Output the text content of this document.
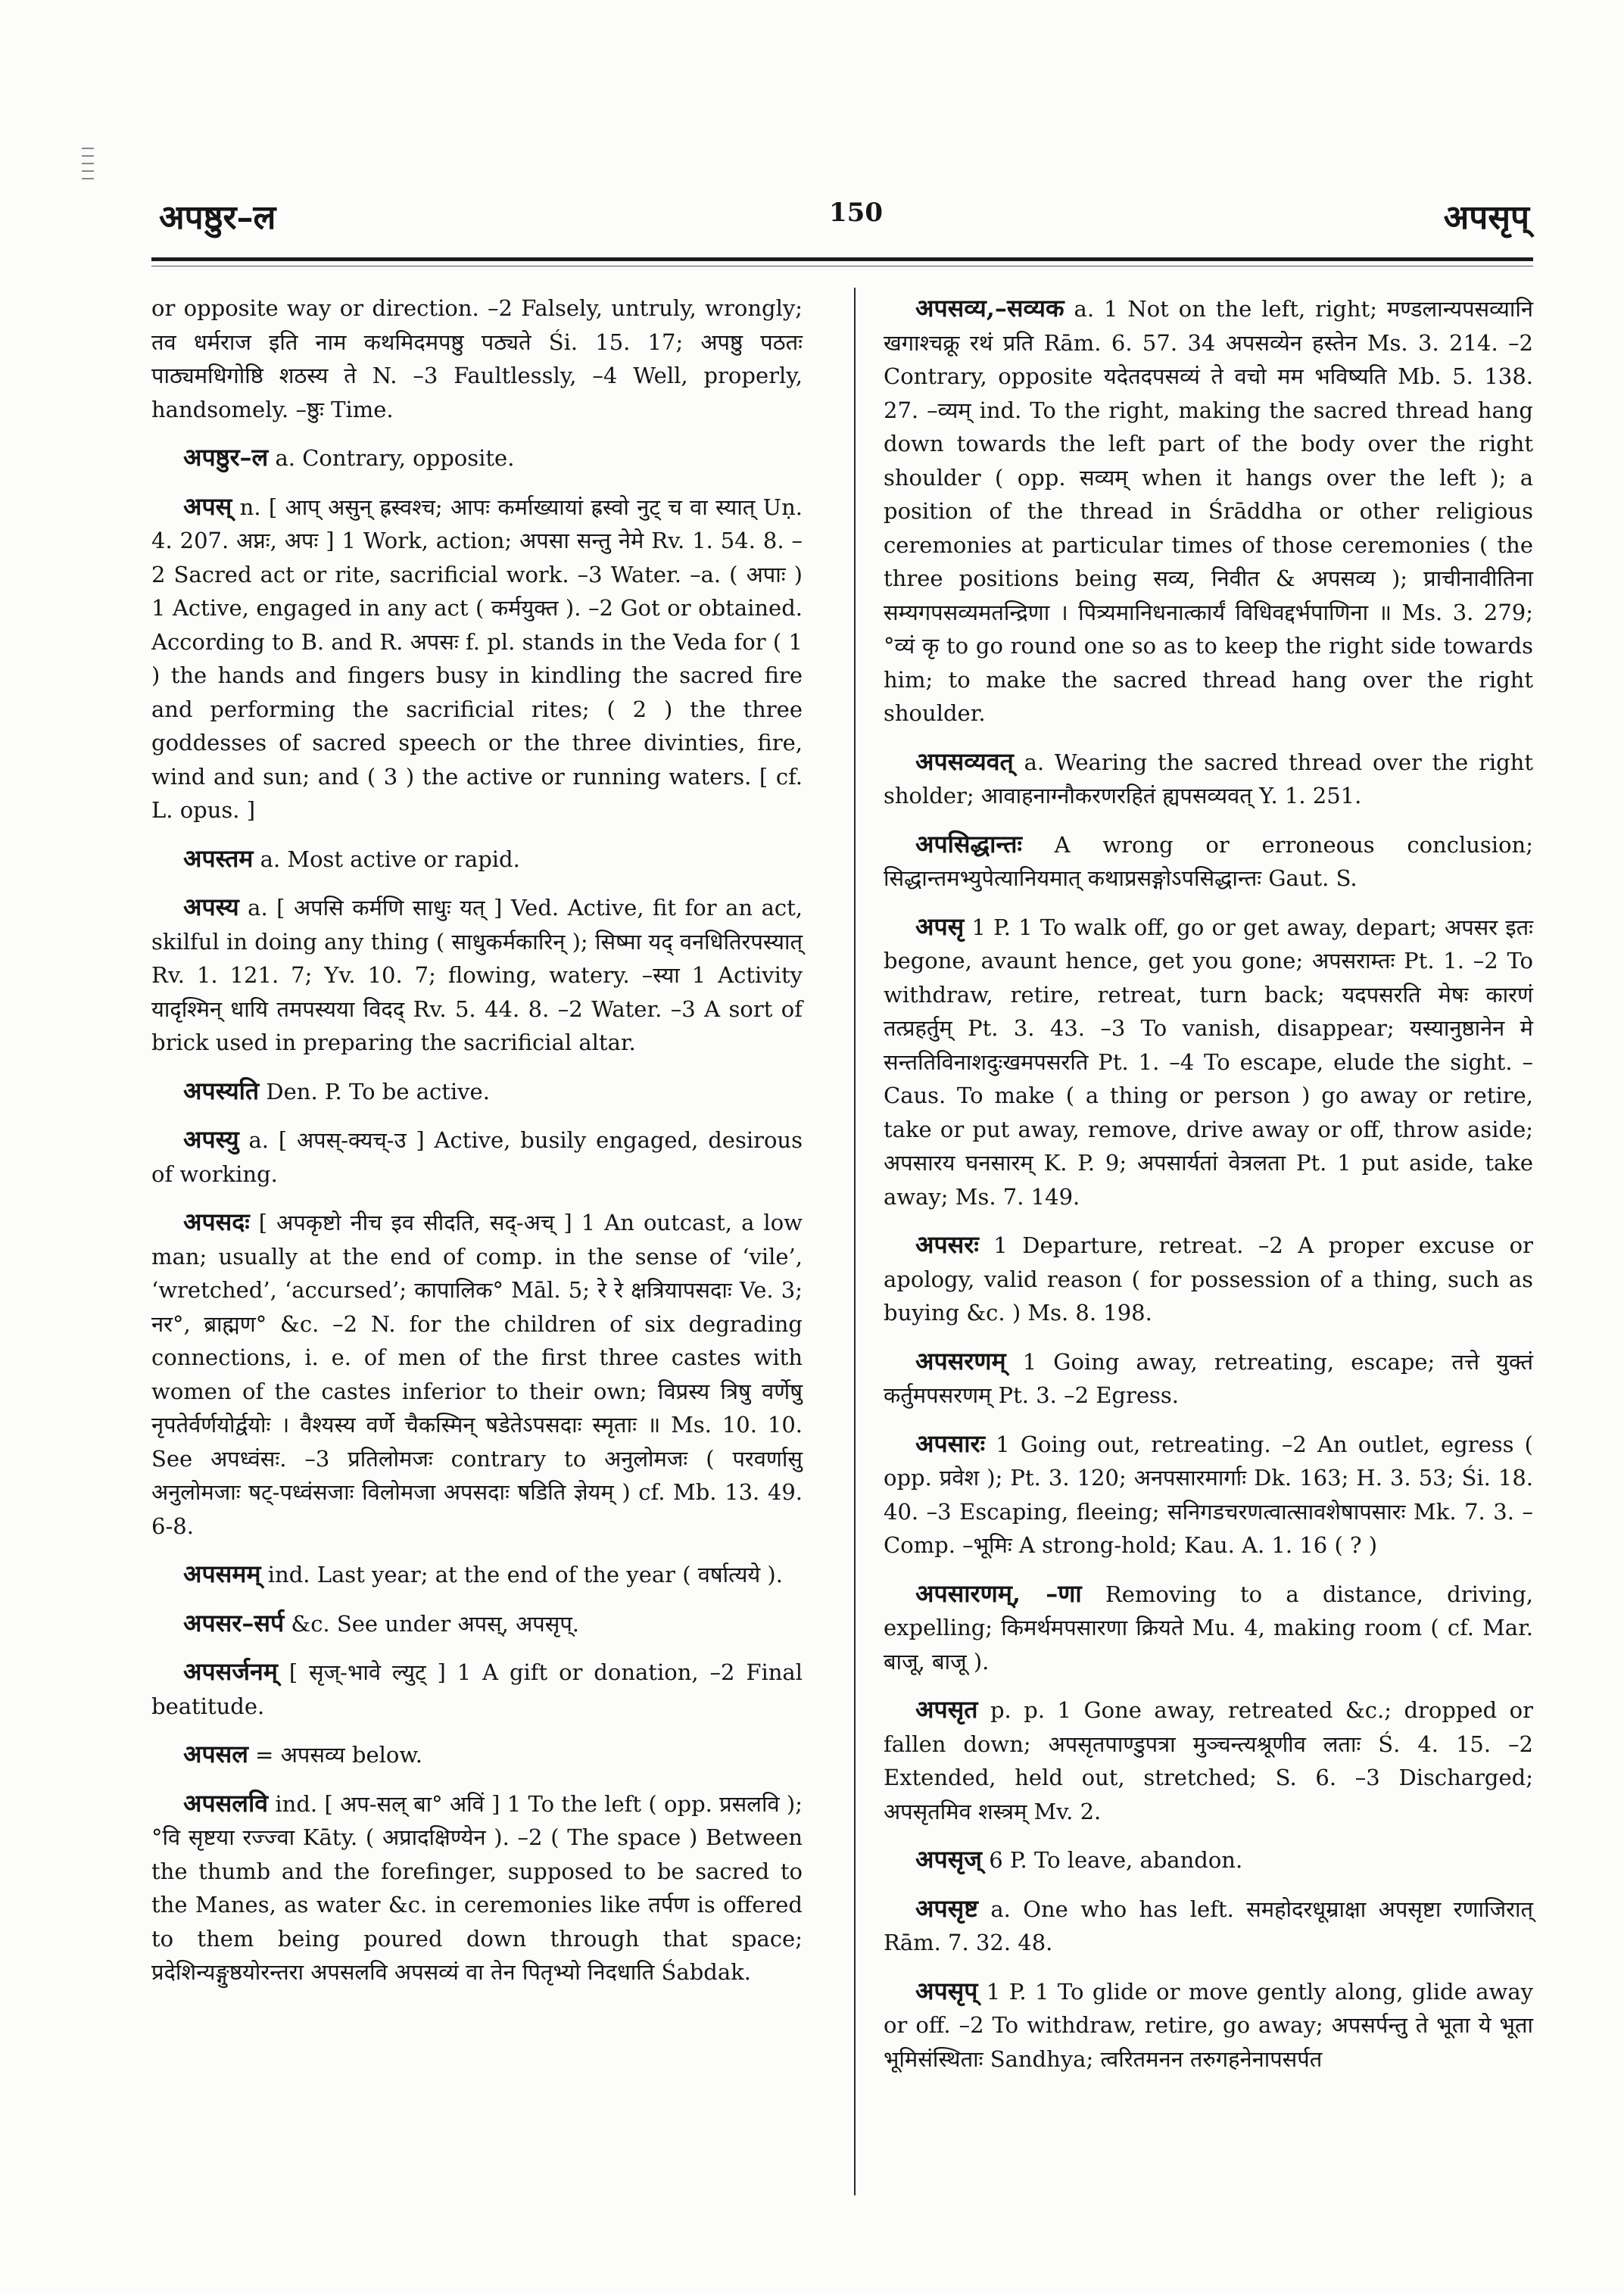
अपष्ठुर–ल	150	अपसृप्

or opposite way or direction. –2 Falsely, untruly, wrongly; तव धर्मराज इति नाम कथमिदमपष्ठु पठ्यते Śi. 15. 17; अपष्ठु पठतः पाठ्यमधिगोष्ठि शठस्य ते N. –3 Faultlessly, –4 Well, properly, handsomely. –ष्ठुः Time.

अपष्ठुर–ल a. Contrary, opposite.

अपस् n. [ आप् असुन् ह्रस्वश्च; आपः कर्माख्यायां ह्रस्वो नुट् च वा स्यात् Uṇ. 4. 207. अप्नः, अपः ] 1 Work, action; अपसा सन्तु नेमे Rv. 1. 54. 8. –2 Sacred act or rite, sacrificial work. –3 Water. –a. ( अपाः ) 1 Active, engaged in any act ( कर्मयुक्त ). –2 Got or obtained. According to B. and R. अपसः f. pl. stands in the Veda for ( 1 ) the hands and fingers busy in kindling the sacred fire and performing the sacrificial rites; ( 2 ) the three goddesses of sacred speech or the three divinties, fire, wind and sun; and ( 3 ) the active or running waters. [ cf. L. opus. ]

अपस्तम a. Most active or rapid.

अपस्य a. [ अपसि कर्मणि साधुः यत् ] Ved. Active, fit for an act, skilful in doing any thing ( साधुकर्मकारिन् ); सिष्मा यद् वनधितिरपस्यात् Rv. 1. 121. 7; Yv. 10. 7; flowing, watery. –स्या 1 Activity यादृश्मिन् धायि तमपस्यया विदद् Rv. 5. 44. 8. –2 Water. –3 A sort of brick used in preparing the sacrificial altar.

अपस्यति Den. P. To be active.

अपस्यु a. [ अपस्-क्यच्-उ ] Active, busily engaged, desirous of working.

अपसदः [ अपकृष्टो नीच इव सीदति, सद्-अच् ] 1 An outcast, a low man; usually at the end of comp. in the sense of ‘vile’, ‘wretched’, ‘accursed’; कापालिक° Māl. 5; रे रे क्षत्रियापसदाः Ve. 3; नर°, ब्राह्मण° &c. –2 N. for the children of six degrading connections, i. e. of men of the first three castes with women of the castes inferior to their own; विप्रस्य त्रिषु वर्णेषु नृपतेर्वर्णयोर्द्वयोः । वैश्यस्य वर्णे चैकस्मिन् षडेतेऽपसदाः स्मृताः ॥ Ms. 10. 10. See अपध्वंसः. –3 प्रतिलोमजः contrary to अनुलोमजः ( परवर्णासु अनुलोमजाः षट्-पध्वंसजाः विलोमजा अपसदाः षडिति ज्ञेयम् ) cf. Mb. 13. 49. 6-8.

अपसमम् ind. Last year; at the end of the year ( वर्षात्यये ).

अपसर–सर्प &c. See under अपस्, अपसृप्.

अपसर्जनम् [ सृज्-भावे ल्युट् ] 1 A gift or donation, –2 Final beatitude.

अपसल = अपसव्य below.

अपसलवि ind. [ अप-सल् बा° अविं ] 1 To the left ( opp. प्रसलवि ); °वि सृष्टया रज्ज्वा Kāty. ( अप्रादक्षिण्येन ). –2 ( The space ) Between the thumb and the forefinger, supposed to be sacred to the Manes, as water &c. in ceremonies like तर्पण is offered to them being poured down through that space; प्रदेशिन्यङ्गुष्ठयोरन्तरा अपसलवि अपसव्यं वा तेन पितृभ्यो निदधाति Śabdak.

अपसव्य,–सव्यक a. 1 Not on the left, right; मण्डलान्यपसव्यानि खगाश्चक्रू रथं प्रति Rām. 6. 57. 34 अपसव्येन हस्तेन Ms. 3. 214. –2 Contrary, opposite यदेतदपसव्यं ते वचो मम भविष्यति Mb. 5. 138. 27. –व्यम् ind. To the right, making the sacred thread hang down towards the left part of the body over the right shoulder ( opp. सव्यम् when it hangs over the left ); a position of the thread in Śrāddha or other religious ceremonies at particular times of those ceremonies ( the three positions being सव्य, निवीत & अपसव्य ); प्राचीनावीतिना सम्यगपसव्यमतन्द्रिणा । पित्र्यमानिधनात्कार्यं विधिवद्दर्भपाणिना ॥ Ms. 3. 279; °व्यं कृ to go round one so as to keep the right side towards him; to make the sacred thread hang over the right shoulder.

अपसव्यवत् a. Wearing the sacred thread over the right sholder; आवाहनाग्नौकरणरहितं ह्यपसव्यवत् Y. 1. 251.

अपसिद्धान्तः A wrong or erroneous conclusion; सिद्धान्तमभ्युपेत्यानियमात् कथाप्रसङ्गोऽपसिद्धान्तः Gaut. S.

अपसृ 1 P. 1 To walk off, go or get away, depart; अपसर इतः begone, avaunt hence, get you gone; अपसराम्तः Pt. 1. –2 To withdraw, retire, retreat, turn back; यदपसरति मेषः कारणं तत्प्रहर्तुम् Pt. 3. 43. –3 To vanish, disappear; यस्यानुष्ठानेन मे सन्ततिविनाशदुःखमपसरति Pt. 1. –4 To escape, elude the sight. –Caus. To make ( a thing or person ) go away or retire, take or put away, remove, drive away or off, throw aside; अपसारय घनसारम् K. P. 9; अपसार्यतां वेत्रलता Pt. 1 put aside, take away; Ms. 7. 149.

अपसरः 1 Departure, retreat. –2 A proper excuse or apology, valid reason ( for possession of a thing, such as buying &c. ) Ms. 8. 198.

अपसरणम् 1 Going away, retreating, escape; तत्ते युक्तं कर्तुमपसरणम् Pt. 3. –2 Egress.

अपसारः 1 Going out, retreating. –2 An outlet, egress ( opp. प्रवेश ); Pt. 3. 120; अनपसारमार्गाः Dk. 163; H. 3. 53; Śi. 18. 40. –3 Escaping, fleeing; सनिगडचरणत्वात्सावशेषापसारः Mk. 7. 3. –Comp. –भूमिः A strong-hold; Kau. A. 1. 16 ( ? )

अपसारणम्, –णा Removing to a distance, driving, expelling; किमर्थमपसारणा क्रियते Mu. 4, making room ( cf. Mar. बाजू, बाजू ).

अपसृत p. p. 1 Gone away, retreated &c.; dropped or fallen down; अपसृतपाण्डुपत्रा मुञ्चन्त्यश्रूणीव लताः Ś. 4. 15. –2 Extended, held out, stretched; S. 6. –3 Discharged; अपसृतमिव शस्त्रम् Mv. 2.

अपसृज् 6 P. To leave, abandon.

अपसृष्ट a. One who has left. समहोदरधूम्राक्षा अपसृष्टा रणाजिरात् Rām. 7. 32. 48.

अपसृप् 1 P. 1 To glide or move gently along, glide away or off. –2 To withdraw, retire, go away; अपसर्पन्तु ते भूता ये भूता भूमिसंस्थिताः Sandhya; त्वरितमनन तरुगहनेनापसर्पत
